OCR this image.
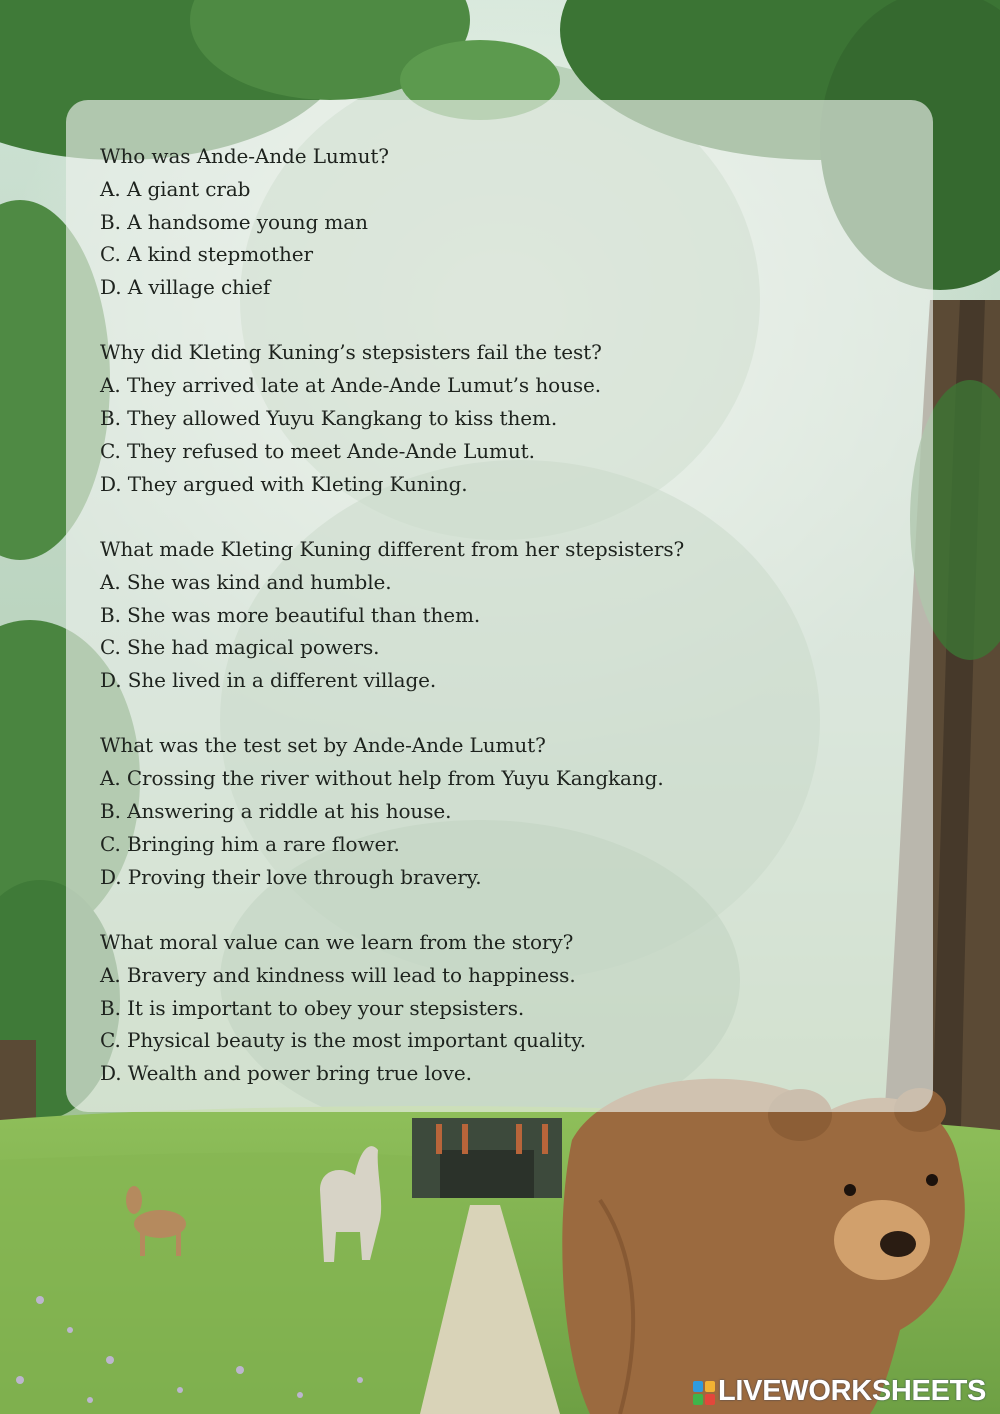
Who was Ande-Ande Lumut?
A. A giant crab
B. A handsome young man
C. A kind stepmother
D. A village chief
Why did Kleting Kuning’s stepsisters fail the test?
A. They arrived late at Ande-Ande Lumut’s house.
B. They allowed Yuyu Kangkang to kiss them.
C. They refused to meet Ande-Ande Lumut.
D. They argued with Kleting Kuning.
What made Kleting Kuning different from her stepsisters?
A. She was kind and humble.
B. She was more beautiful than them.
C. She had magical powers.
D. She lived in a different village.
What was the test set by Ande-Ande Lumut?
A. Crossing the river without help from Yuyu Kangkang.
B. Answering a riddle at his house.
C. Bringing him a rare flower.
D. Proving their love through bravery.
What moral value can we learn from the story?
A. Bravery and kindness will lead to happiness.
B. It is important to obey your stepsisters.
C. Physical beauty is the most important quality.
D. Wealth and power bring true love.
LIVEWORKSHEETS
